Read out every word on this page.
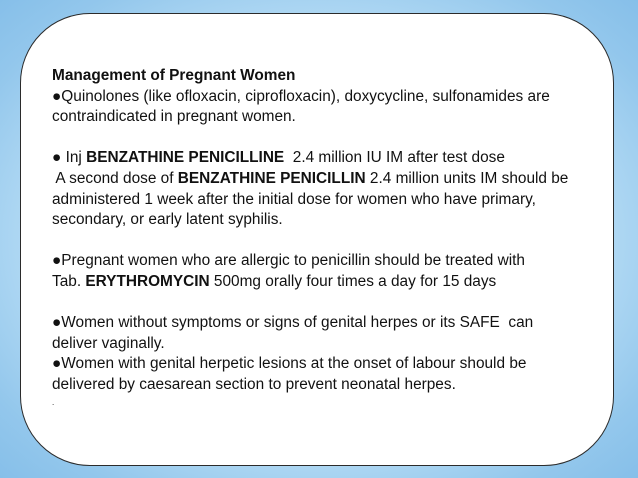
Management of Pregnant Women
●Quinolones (like ofloxacin, ciprofloxacin), doxycycline, sulfonamides are
contraindicated in pregnant women.
● Inj BENZATHINE PENICILLINE  2.4 million IU IM after test dose
A second dose of BENZATHINE PENICILLIN 2.4 million units IM should be
administered 1 week after the initial dose for women who have primary,
secondary, or early latent syphilis.
●Pregnant women who are allergic to penicillin should be treated with
Tab. ERYTHROMYCIN 500mg orally four times a day for 15 days
●Women without symptoms or signs of genital herpes or its SAFE  can
deliver vaginally.
●Women with genital herpetic lesions at the onset of labour should be
delivered by caesarean section to prevent neonatal herpes.
.
